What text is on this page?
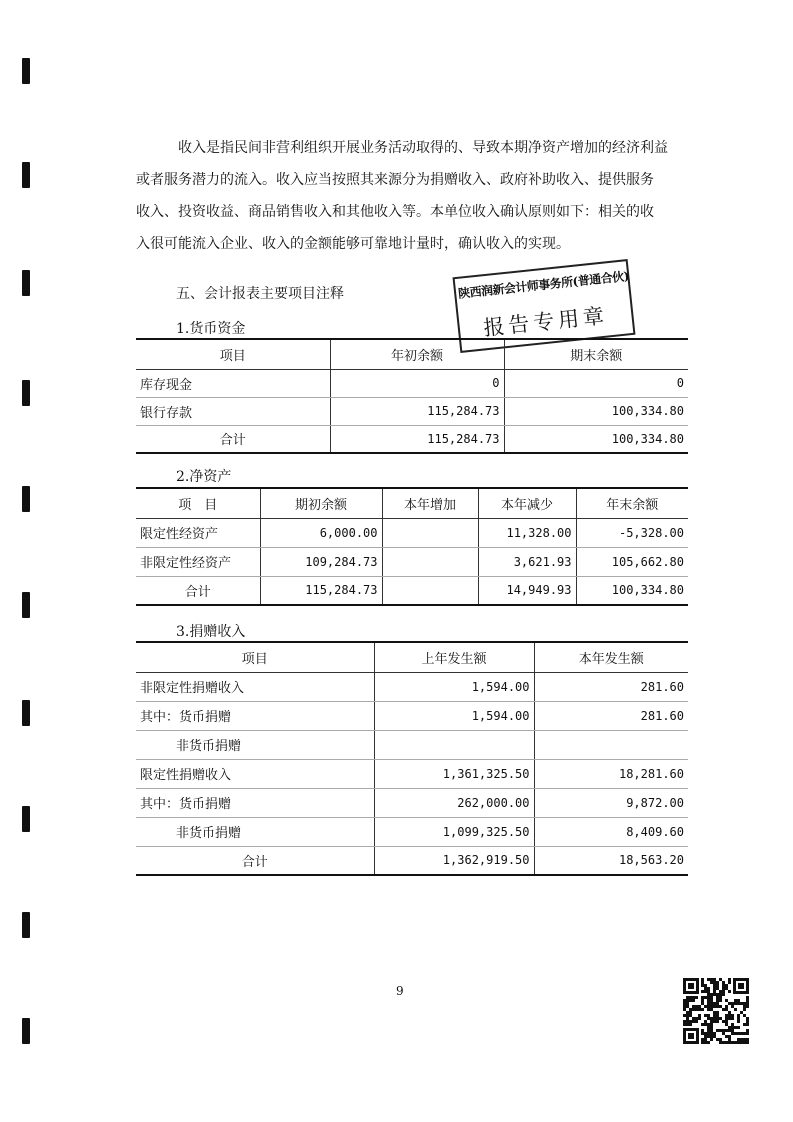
收入是指民间非营利组织开展业务活动取得的、导致本期净资产增加的经济利益
或者服务潜力的流入。收入应当按照其来源分为捐赠收入、政府补助收入、提供服务
收入、投资收益、商品销售收入和其他收入等。本单位收入确认原则如下：相关的收
入很可能流入企业、收入的金额能够可靠地计量时，确认收入的实现。
五、会计报表主要项目注释	陕西润新会计师事务所(普通合伙)
报告专用章
1.货币资金
项目	年初余额	期末余额
库存现金	0	0
银行存款	115,284.73	100,334.80
合计	115,284.73	100,334.80
2.净资产
项　目	期初余额	本年增加	本年减少	年末余额
限定性经资产	6,000.00		11,328.00	-5,328.00
非限定性经资产	109,284.73		3,621.93	105,662.80
合计	115,284.73		14,949.93	100,334.80
3.捐赠收入
项目	上年发生额	本年发生额
非限定性捐赠收入	1,594.00	281.60
其中：货币捐赠	1,594.00	281.60
非货币捐赠		
限定性捐赠收入	1,361,325.50	18,281.60
其中：货币捐赠	262,000.00	9,872.00
非货币捐赠	1,099,325.50	8,409.60
合计	1,362,919.50	18,563.20
9
